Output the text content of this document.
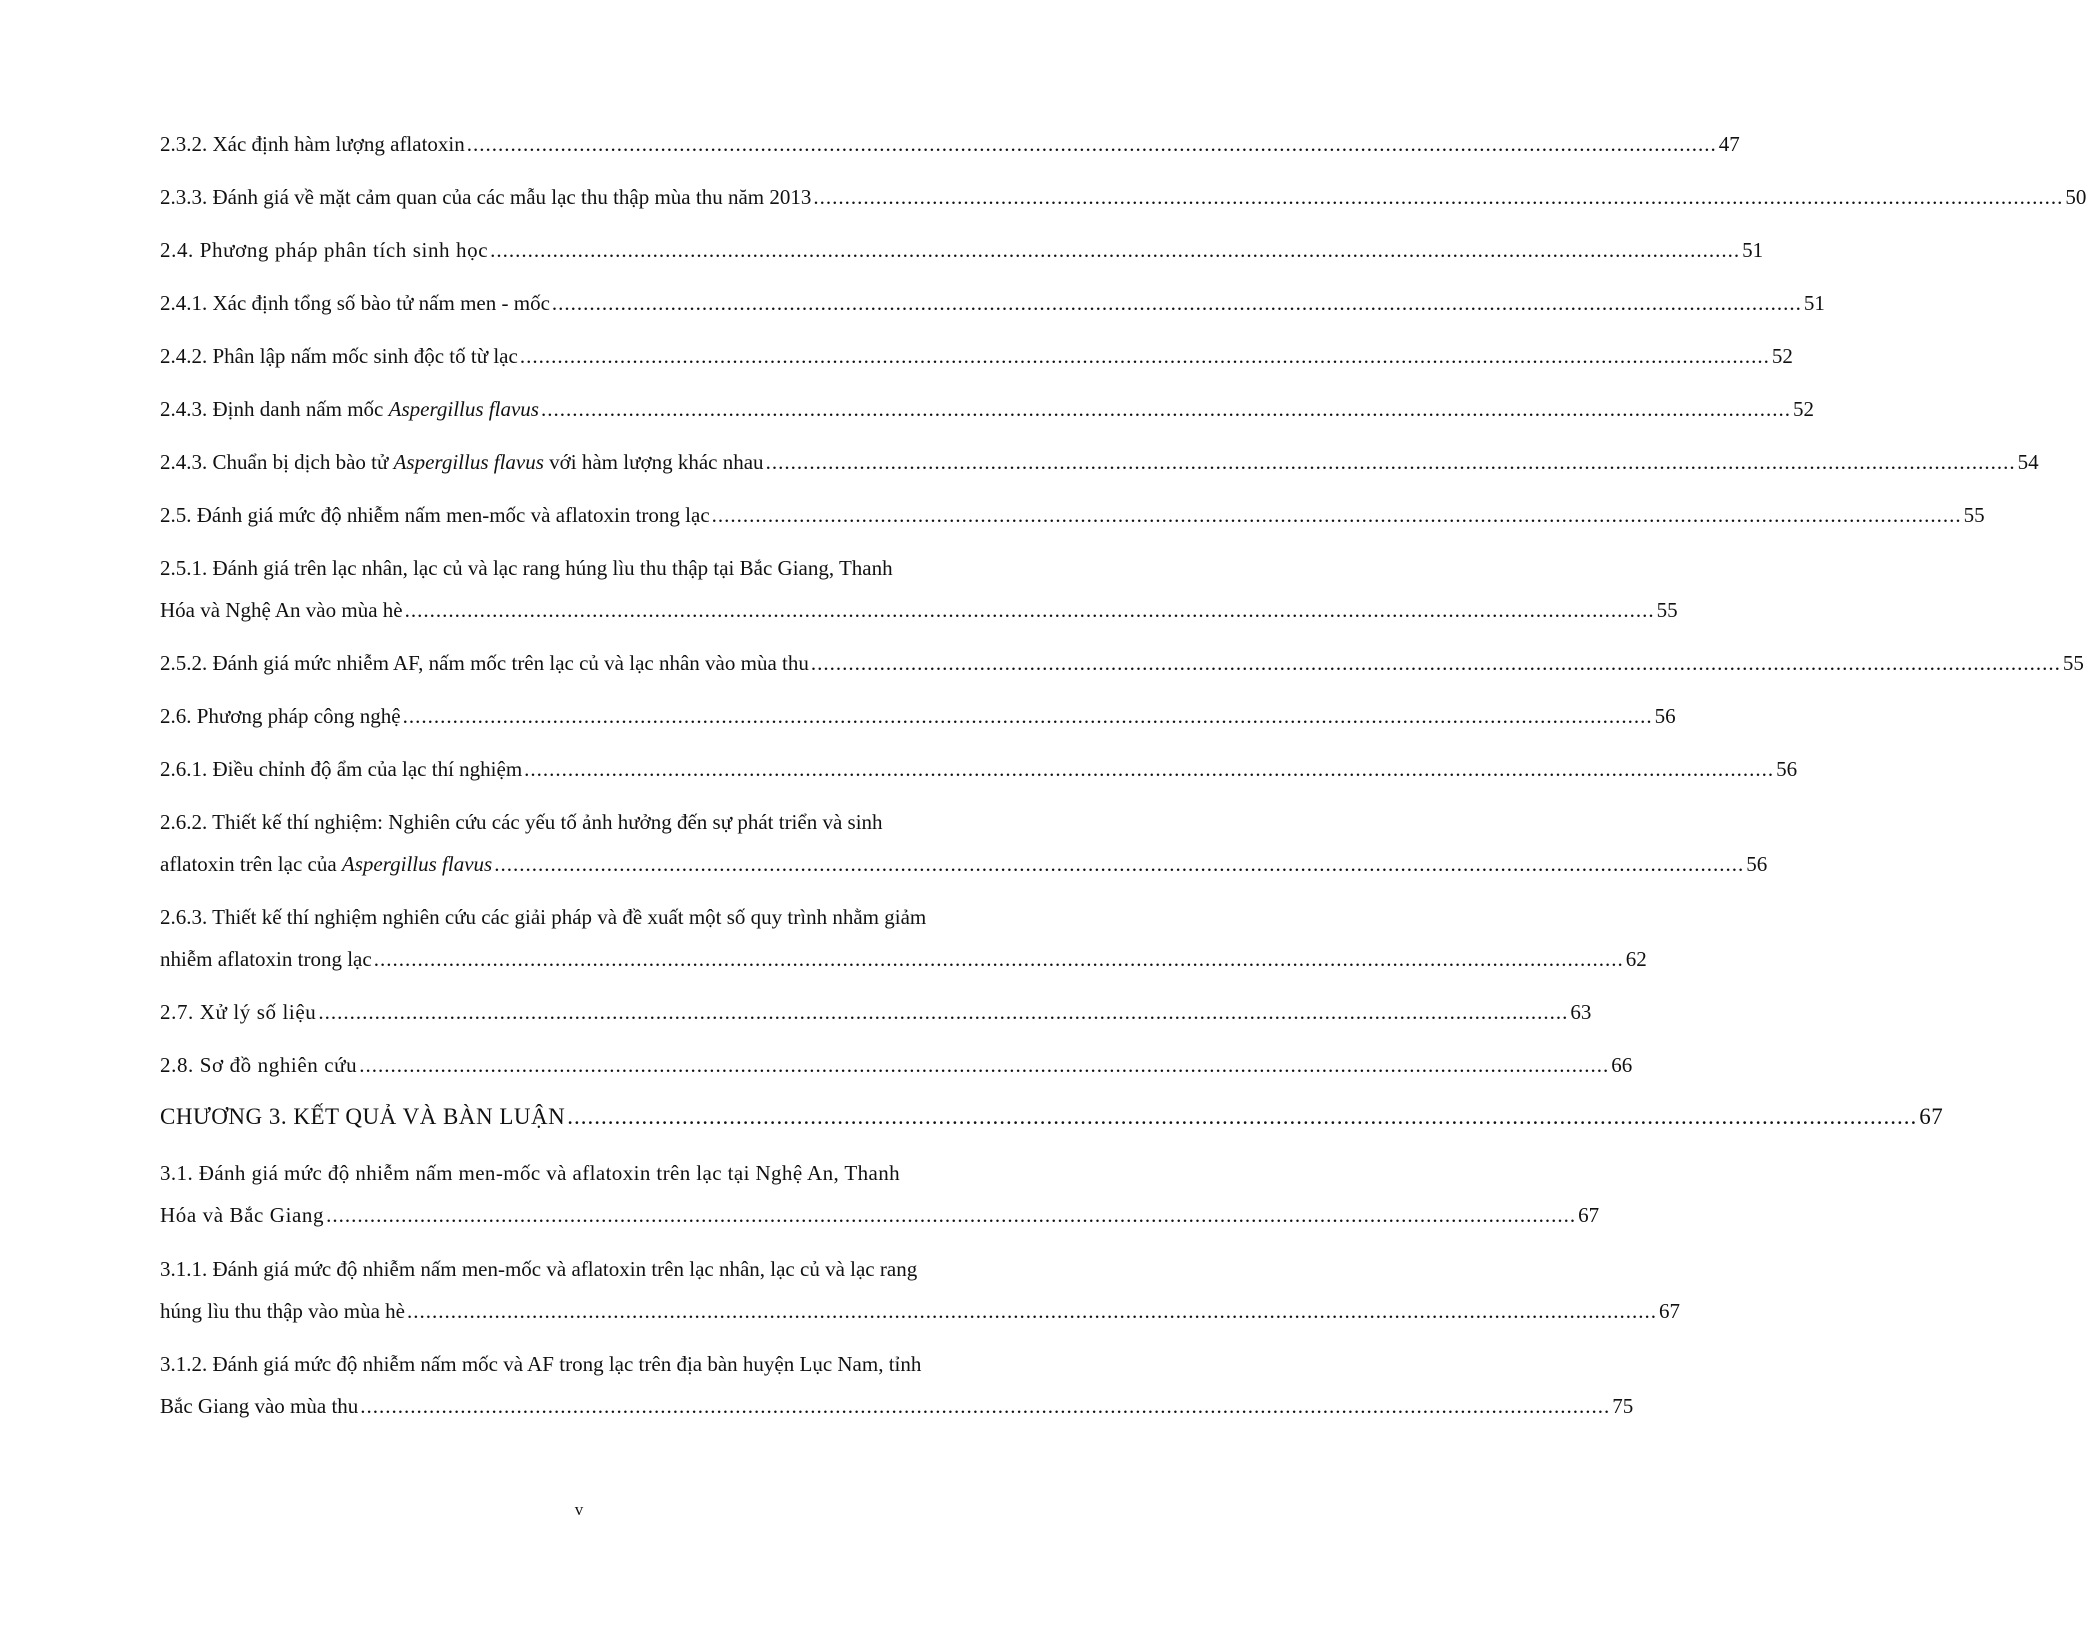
2.3.2. Xác định hàm lượng aflatoxin ........................................................................................................................................................................................................ 47
2.3.3. Đánh giá về mặt cảm quan của các mẫu lạc thu thập mùa thu năm 2013 ........................................................................................................................................................................................................ 50
2.4. Phương pháp phân tích sinh học ........................................................................................................................................................................................................ 51
2.4.1. Xác định tổng số bào tử nấm men - mốc ........................................................................................................................................................................................................ 51
2.4.2. Phân lập nấm mốc sinh độc tố từ lạc ........................................................................................................................................................................................................ 52
2.4.3. Định danh nấm mốc Aspergillus flavus ........................................................................................................................................................................................................ 52
2.4.3. Chuẩn bị dịch bào tử Aspergillus flavus với hàm lượng khác nhau ........................................................................................................................................................................................................ 54
2.5. Đánh giá mức độ nhiễm nấm men-mốc và aflatoxin trong lạc ........................................................................................................................................................................................................ 55
2.5.1. Đánh giá trên lạc nhân, lạc củ và lạc rang húng lìu thu thập tại Bắc Giang, Thanh
Hóa và Nghệ An vào mùa hè ........................................................................................................................................................................................................ 55
2.5.2. Đánh giá mức nhiễm AF, nấm mốc trên lạc củ và lạc nhân vào mùa thu ........................................................................................................................................................................................................ 55
2.6. Phương pháp công nghệ ........................................................................................................................................................................................................ 56
2.6.1. Điều chỉnh độ ẩm của lạc thí nghiệm ........................................................................................................................................................................................................ 56
2.6.2. Thiết kế thí nghiệm: Nghiên cứu các yếu tố ảnh hưởng đến sự phát triển và sinh
aflatoxin trên lạc của Aspergillus flavus ........................................................................................................................................................................................................ 56
2.6.3. Thiết kế thí nghiệm nghiên cứu các giải pháp và đề xuất một số quy trình nhằm giảm
nhiễm aflatoxin trong lạc ........................................................................................................................................................................................................ 62
2.7. Xử lý số liệu ........................................................................................................................................................................................................ 63
2.8. Sơ đồ nghiên cứu ........................................................................................................................................................................................................ 66
CHƯƠNG 3. KẾT QUẢ VÀ BÀN LUẬN ........................................................................................................................................................................................................ 67
3.1. Đánh giá mức độ nhiễm nấm men-mốc và aflatoxin trên lạc tại Nghệ An, Thanh
Hóa và Bắc Giang ........................................................................................................................................................................................................ 67
3.1.1. Đánh giá mức độ nhiễm nấm men-mốc và aflatoxin trên lạc nhân, lạc củ và lạc rang
húng lìu thu thập vào mùa hè ........................................................................................................................................................................................................ 67
3.1.2. Đánh giá mức độ nhiễm nấm mốc và AF trong lạc trên địa bàn huyện Lục Nam, tỉnh
Bắc Giang vào mùa thu ........................................................................................................................................................................................................ 75
v
